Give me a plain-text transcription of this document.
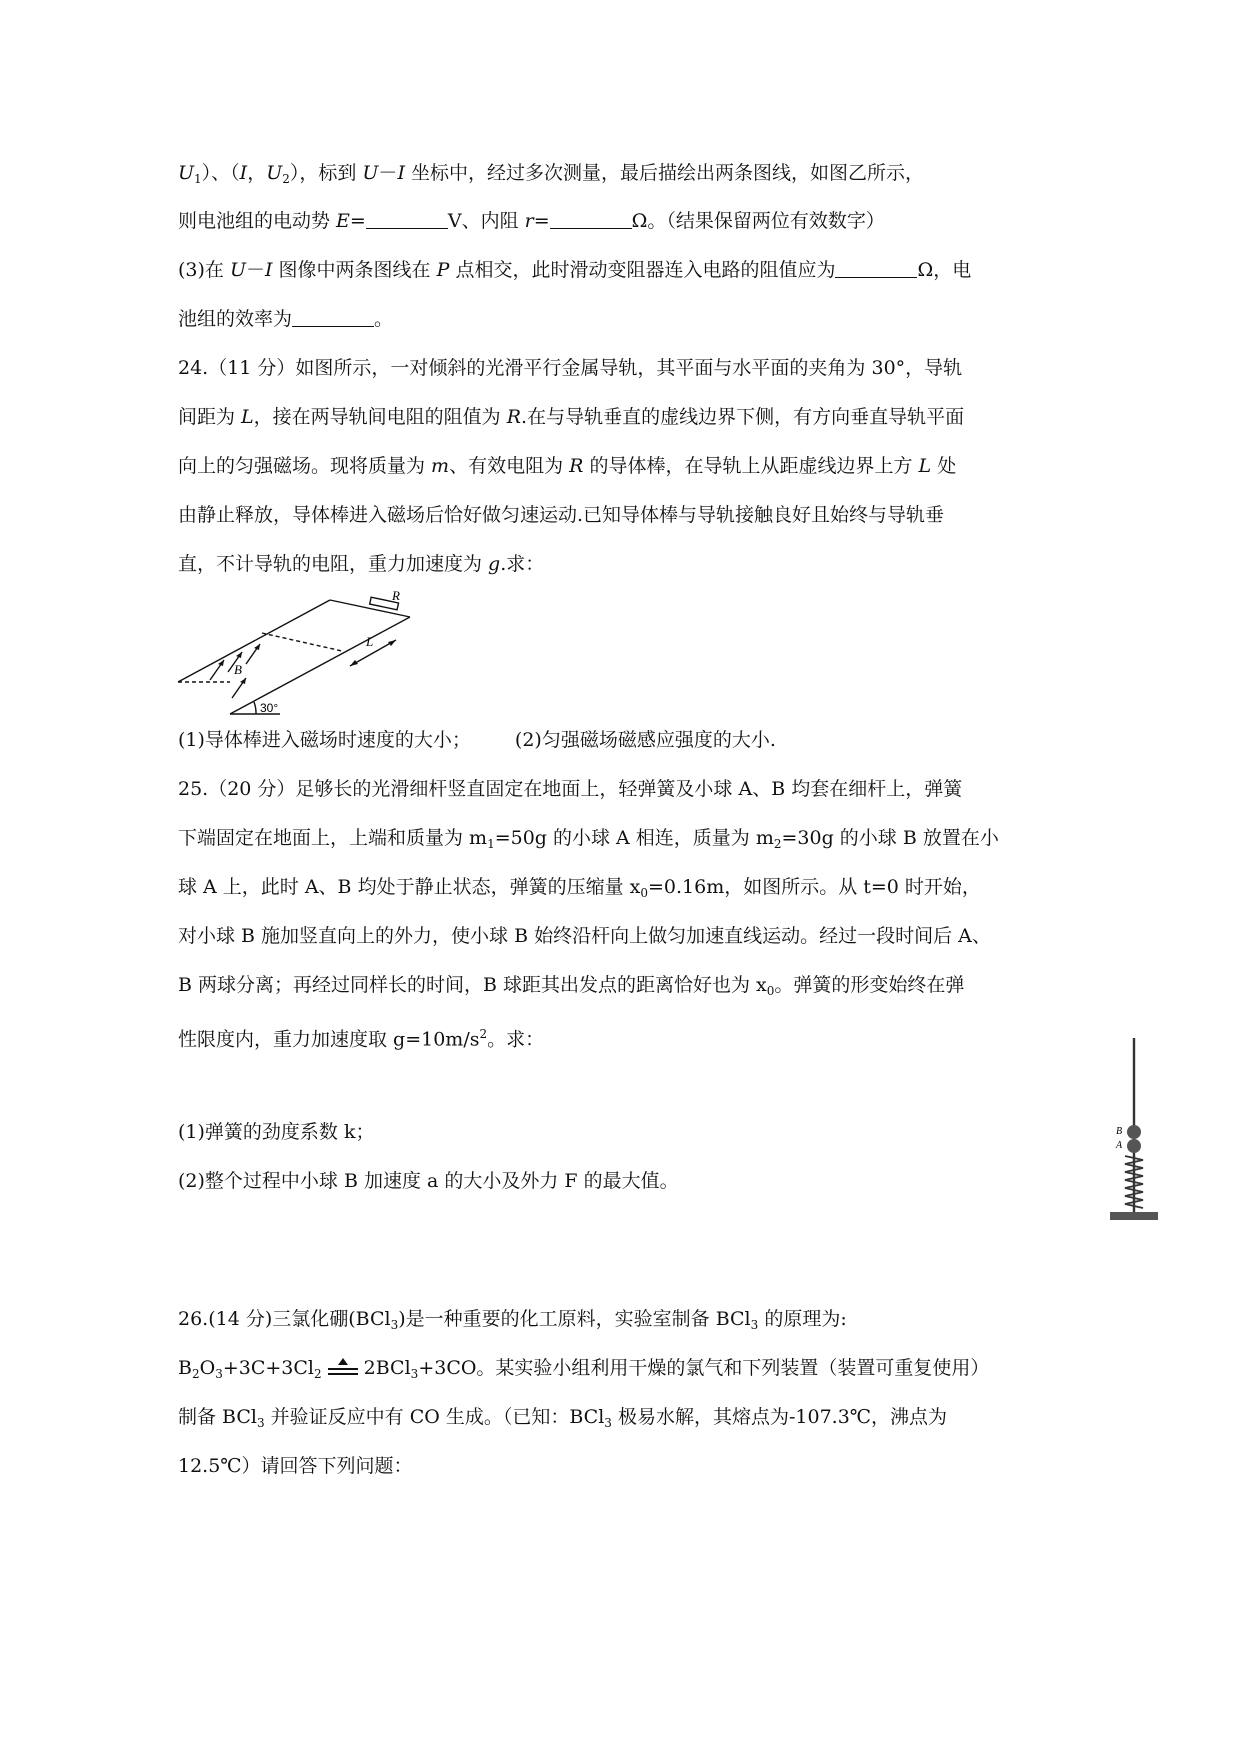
$U_1$）、（I，$U_2$），标到 U－I 坐标中，经过多次测量，最后描绘出两条图线，如图乙所示，
则电池组的电动势 E=	V、内阻 r=	Ω。（结果保留两位有效数字）
(3)在 U－I 图像中两条图线在 P 点相交，此时滑动变阻器连入电路的阻值应为	Ω，电
池组的效率为	。
24.（11 分）如图所示，一对倾斜的光滑平行金属导轨，其平面与水平面的夹角为 30°，导轨
间距为 L，接在两导轨间电阻的阻值为 R.在与导轨垂直的虚线边界下侧，有方向垂直导轨平面
向上的匀强磁场。现将质量为 m、有效电阻为 R 的导体棒，在导轨上从距虚线边界上方 L 处
由静止释放，导体棒进入磁场后恰好做匀速运动.已知导体棒与导轨接触良好且始终与导轨垂
直，不计导轨的电阻，重力加速度为 g.求：
R
B
L
30°
(1)导体棒进入磁场时速度的大小； (2)匀强磁场磁感应强度的大小.
25.（20 分）足够长的光滑细杆竖直固定在地面上，轻弹簧及小球 A、B 均套在细杆上，弹簧
下端固定在地面上，上端和质量为 $m_1=50g$ 的小球 A 相连，质量为 $m_2=30g$ 的小球 B 放置在小
球 A 上，此时 A、B 均处于静止状态，弹簧的压缩量 $x_0=0.16m$，如图所示。从 t=0 时开始，
对小球 B 施加竖直向上的外力，使小球 B 始终沿杆向上做匀加速直线运动。经过一段时间后 A、
B 两球分离；再经过同样长的时间，B 球距其出发点的距离恰好也为 $x_0$。弹簧的形变始终在弹
性限度内，重力加速度取 $g=10m/s^2$。求：
(1)弹簧的劲度系数 k；
(2)整个过程中小球 B 加速度 a 的大小及外力 F 的最大值。
B
A
26.(14 分)三氯化硼(BCl$_3$)是一种重要的化工原料，实验室制备 BCl$_3$ 的原理为:
$B_2O_3+3C+3Cl_2$ 2BCl$_3$+3CO。某实验小组利用干燥的氯气和下列装置（装置可重复使用）
制备 BCl$_3$ 并验证反应中有 CO 生成。（已知：BCl$_3$ 极易水解，其熔点为-107.3℃，沸点为
12.5℃）请回答下列问题：
